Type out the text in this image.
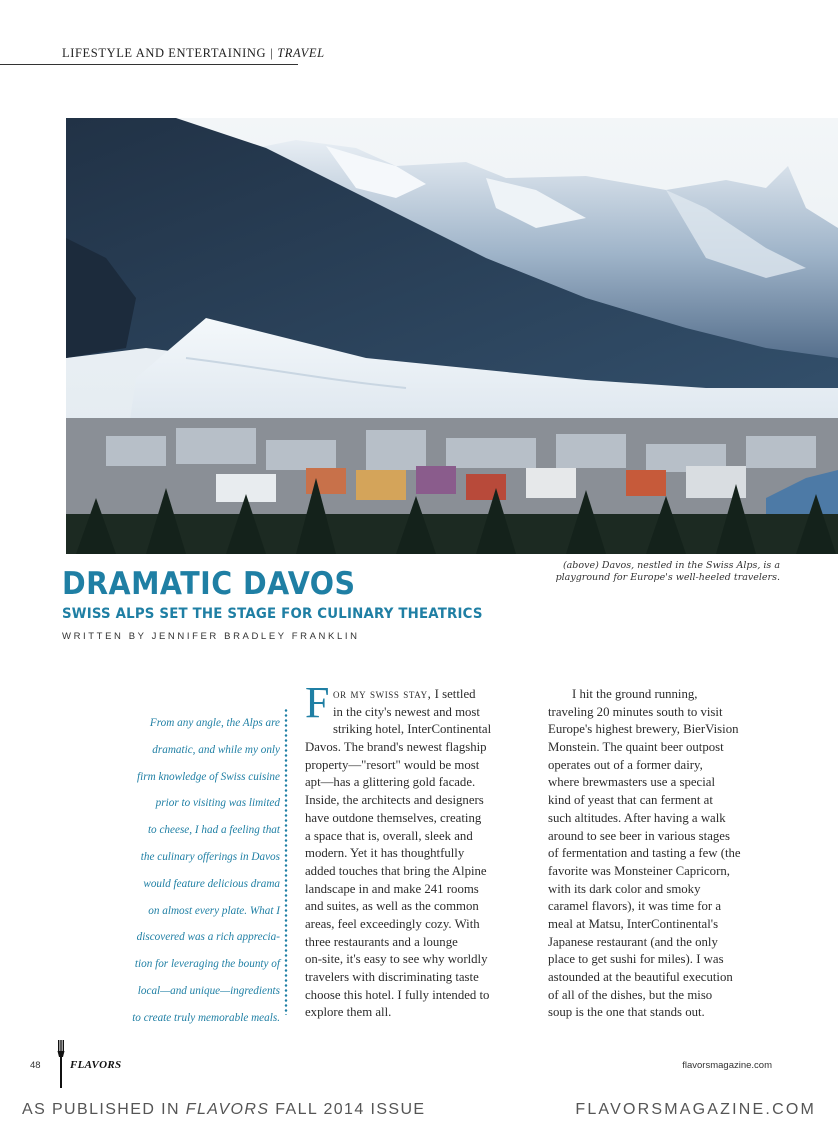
LIFESTYLE AND ENTERTAINING | TRAVEL
(above) Davos, nestled in the Swiss Alps, is a
playground for Europe's well-heeled travelers.
DRAMATIC DAVOS
SWISS ALPS SET THE STAGE FOR CULINARY THEATRICS
WRITTEN BY JENNIFER BRADLEY FRANKLIN
From any angle, the Alps are
dramatic, and while my only
firm knowledge of Swiss cuisine
prior to visiting was limited
to cheese, I had a feeling that
the culinary offerings in Davos
would feature delicious drama
on almost every plate. What I
discovered was a rich apprecia-
tion for leveraging the bounty of
local—and unique—ingredients
to create truly memorable meals.
F or my swiss stay, I settled
in the city's newest and most
striking hotel, InterContinental
Davos. The brand's newest flagship
property—"resort" would be most
apt—has a glittering gold facade.
Inside, the architects and designers
have outdone themselves, creating
a space that is, overall, sleek and
modern. Yet it has thoughtfully
added touches that bring the Alpine
landscape in and make 241 rooms
and suites, as well as the common
areas, feel exceedingly cozy. With
three restaurants and a lounge
on-site, it's easy to see why worldly
travelers with discriminating taste
choose this hotel. I fully intended to
explore them all.
I hit the ground running,
traveling 20 minutes south to visit
Europe's highest brewery, BierVision
Monstein. The quaint beer outpost
operates out of a former dairy,
where brewmasters use a special
kind of yeast that can ferment at
such altitudes. After having a walk
around to see beer in various stages
of fermentation and tasting a few (the
favorite was Monsteiner Capricorn,
with its dark color and smoky
caramel flavors), it was time for a
meal at Matsu, InterContinental's
Japanese restaurant (and the only
place to get sushi for miles). I was
astounded at the beautiful execution
of all of the dishes, but the miso
soup is the one that stands out.
48	FLAVORS	flavorsmagazine.com
AS PUBLISHED IN FLAVORS FALL 2014 ISSUE	FLAVORSMAGAZINE.COM
